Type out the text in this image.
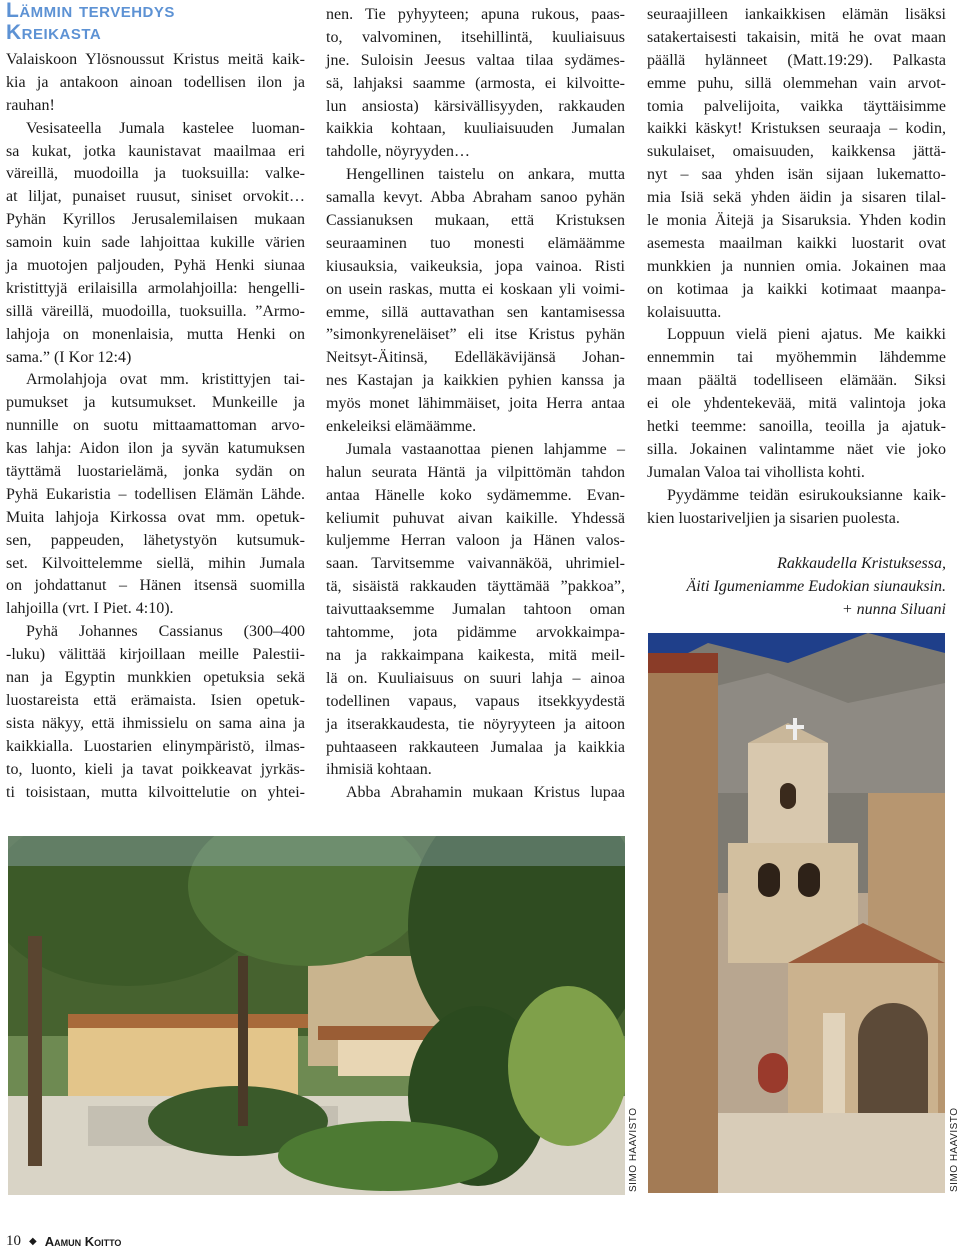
Lämmin tervehdys
Kreikasta
Valaiskoon Ylösnoussut Kristus meitä kaik-
kia ja antakoon ainoan todellisen ilon ja
rauhan!
Vesisateella Jumala kastelee luoman-
sa kukat, jotka kaunistavat maailmaa eri
väreillä, muodoilla ja tuoksuilla: valke-
at liljat, punaiset ruusut, siniset orvokit…
Pyhän Kyrillos Jerusalemilaisen mukaan
samoin kuin sade lahjoittaa kukille värien
ja muotojen paljouden, Pyhä Henki siunaa
kristittyjä erilaisilla armolahjoilla: hengelli-
sillä väreillä, muodoilla, tuoksuilla. ”Armo-
lahjoja on monenlaisia, mutta Henki on
sama.” (I Kor 12:4)
Armolahjoja ovat mm. kristittyjen tai-
pumukset ja kutsumukset. Munkeille ja
nunnille on suotu mittaamattoman arvo-
kas lahja: Aidon ilon ja syvän katumuksen
täyttämä luostarielämä, jonka sydän on
Pyhä Eukaristia – todellisen Elämän Lähde.
Muita lahjoja Kirkossa ovat mm. opetuk-
sen, pappeuden, lähetystyön kutsumuk-
set. Kilvoittelemme siellä, mihin Jumala
on johdattanut – Hänen itsensä suomilla
lahjoilla (vrt. I Piet. 4:10).
Pyhä Johannes Cassianus (300–400
-luku) välittää kirjoillaan meille Palestii-
nan ja Egyptin munkkien opetuksia sekä
luostareista että erämaista. Isien opetuk-
sista näkyy, että ihmissielu on sama aina ja
kaikkialla. Luostarien elinympäristö, ilmas-
to, luonto, kieli ja tavat poikkeavat jyrkäs-
ti toisistaan, mutta kilvoittelutie on yhtei-
nen. Tie pyhyyteen; apuna rukous, paas-
to, valvominen, itsehillintä, kuuliaisuus
jne. Suloisin Jeesus valtaa tilaa sydämes-
sä, lahjaksi saamme (armosta, ei kilvoitte-
lun ansiosta) kärsivällisyyden, rakkauden
kaikkia kohtaan, kuuliaisuuden Jumalan
tahdolle, nöyryyden…
Hengellinen taistelu on ankara, mutta
samalla kevyt. Abba Abraham sanoo pyhän
Cassianuksen mukaan, että Kristuksen
seuraaminen tuo monesti elämäämme
kiusauksia, vaikeuksia, jopa vainoa. Risti
on usein raskas, mutta ei koskaan yli voimi-
emme, sillä auttavathan sen kantamisessa
”simonkyreneläiset” eli itse Kristus pyhän
Neitsyt-Äitinsä, Edelläkävijänsä Johan-
nes Kastajan ja kaikkien pyhien kanssa ja
myös monet lähimmäiset, joita Herra antaa
enkeleiksi elämäämme.
Jumala vastaanottaa pienen lahjamme –
halun seurata Häntä ja vilpittömän tahdon
antaa Hänelle koko sydämemme. Evan-
keliumit puhuvat aivan kaikille. Yhdessä
kuljemme Herran valoon ja Hänen valos-
saan. Tarvitsemme vaivannäköä, uhrimiel-
tä, sisäistä rakkauden täyttämää ”pakkoa”,
taivuttaaksemme Jumalan tahtoon oman
tahtomme, jota pidämme arvokkaimpa-
na ja rakkaimpana kaikesta, mitä meil-
lä on. Kuuliaisuus on suuri lahja – ainoa
todellinen vapaus, vapaus itsekkyydestä
ja itserakkaudesta, tie nöyryyteen ja aitoon
puhtaaseen rakkauteen Jumalaa ja kaikkia
ihmisiä kohtaan.
Abba Abrahamin mukaan Kristus lupaa
seuraajilleen iankaikkisen elämän lisäksi
satakertaisesti takaisin, mitä he ovat maan
päällä hylänneet (Matt.19:29). Palkasta
emme puhu, sillä olemmehan vain arvot-
tomia palvelijoita, vaikka täyttäisimme
kaikki käskyt! Kristuksen seuraaja – kodin,
sukulaiset, omaisuuden, kaikkensa jättä-
nyt – saa yhden isän sijaan lukematto-
mia Isiä sekä yhden äidin ja sisaren tilal-
le monia Äitejä ja Sisaruksia. Yhden kodin
asemesta maailman kaikki luostarit ovat
munkkien ja nunnien omia. Jokainen maa
on kotimaa ja kaikki kotimaat maanpa-
kolaisuutta.
Loppuun vielä pieni ajatus. Me kaikki
ennemmin tai myöhemmin lähdemme
maan päältä todelliseen elämään. Siksi
ei ole yhdentekevää, mitä valintoja joka
hetki teemme: sanoilla, teoilla ja ajatuk-
silla. Jokainen valintamme näet vie joko
Jumalan Valoa tai vihollista kohti.
Pyydämme teidän esirukouksianne kaik-
kien luostariveljien ja sisarien puolesta.
Rakkaudella Kristuksessa,
Äiti Igumeniamme Eudokian siunauksin.
+ nunna Siluani
SIMO HAAVISTO	SIMO HAAVISTO
10 ◆ Aamun Koitto
